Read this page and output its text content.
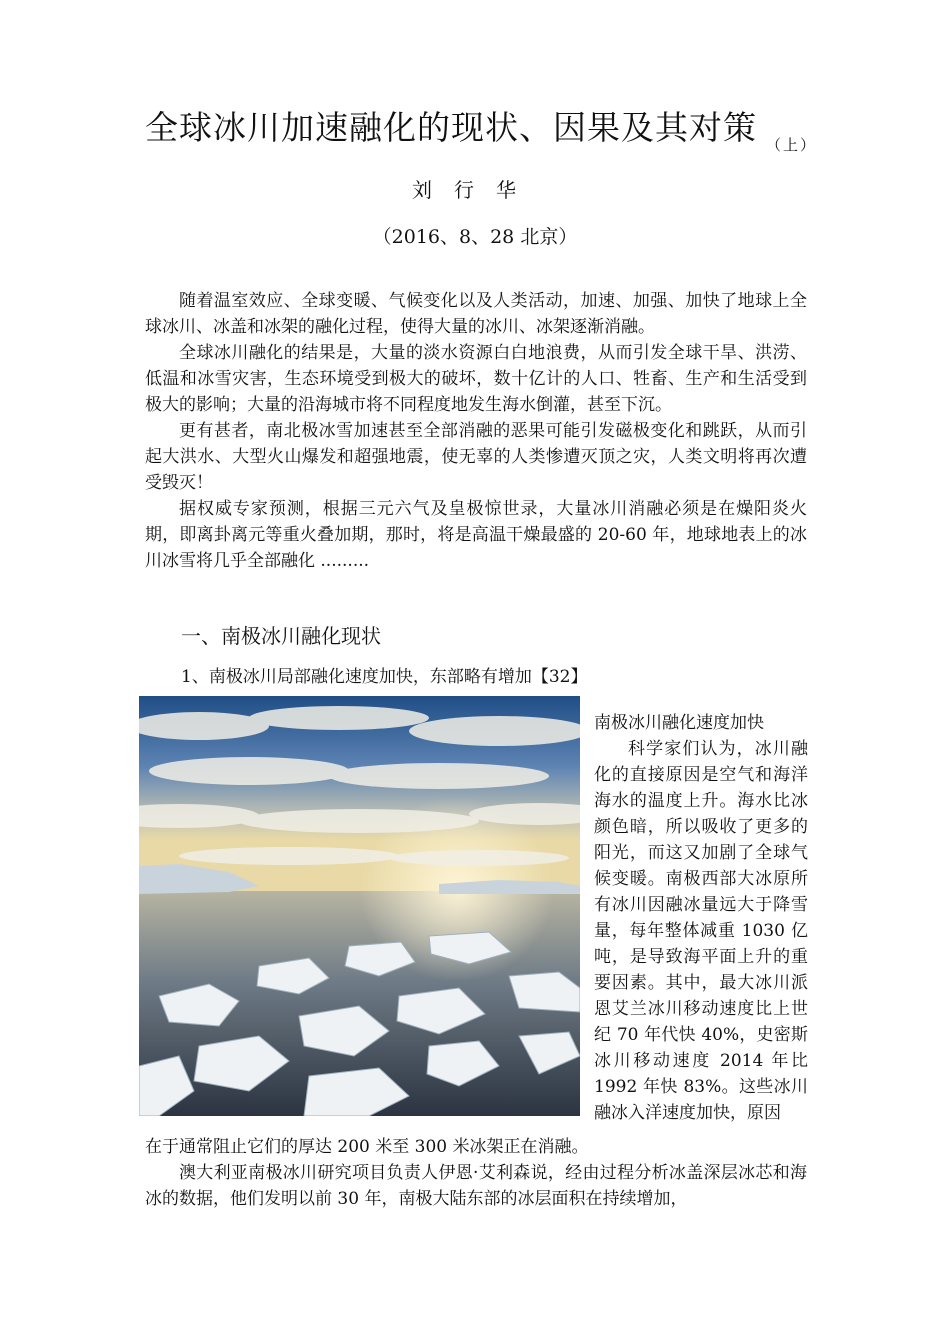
全球冰川加速融化的现状、因果及其对策 （上）
刘行华
（2016、8、28 北京）

随着温室效应、全球变暖、气候变化以及人类活动，加速、加强、加快了地球上全球冰川、冰盖和冰架的融化过程，使得大量的冰川、冰架逐渐消融。

全球冰川融化的结果是，大量的淡水资源白白地浪费，从而引发全球干旱、洪涝、低温和冰雪灾害，生态环境受到极大的破坏，数十亿计的人口、牲畜、生产和生活受到极大的影响；大量的沿海城市将不同程度地发生海水倒灌，甚至下沉。

更有甚者，南北极冰雪加速甚至全部消融的恶果可能引发磁极变化和跳跃，从而引起大洪水、大型火山爆发和超强地震，使无辜的人类惨遭灭顶之灾，人类文明将再次遭受毁灭！

据权威专家预测，根据三元六气及皇极惊世录，大量冰川消融必须是在燥阳炎火期，即离卦离元等重火叠加期，那时，将是高温干燥最盛的 20-60 年，地球地表上的冰川冰雪将几乎全部融化 .........

一、南极冰川融化现状
1、南极冰川局部融化速度加快，东部略有增加【32】

南极冰川融化速度加快

科学家们认为，冰川融化的直接原因是空气和海洋海水的温度上升。海水比冰颜色暗，所以吸收了更多的阳光，而这又加剧了全球气候变暖。南极西部大冰原所有冰川因融冰量远大于降雪量，每年整体减重 1030 亿吨，是导致海平面上升的重要因素。其中，最大冰川派恩艾兰冰川移动速度比上世纪 70 年代快 40%，史密斯冰川移动速度 2014 年比 1992 年快 83%。这些冰川融冰入洋速度加快，原因

在于通常阻止它们的厚达 200 米至 300 米冰架正在消融。

澳大利亚南极冰川研究项目负责人伊恩·艾利森说，经由过程分析冰盖深层冰芯和海冰的数据，他们发明以前 30 年，南极大陆东部的冰层面积在持续增加，
